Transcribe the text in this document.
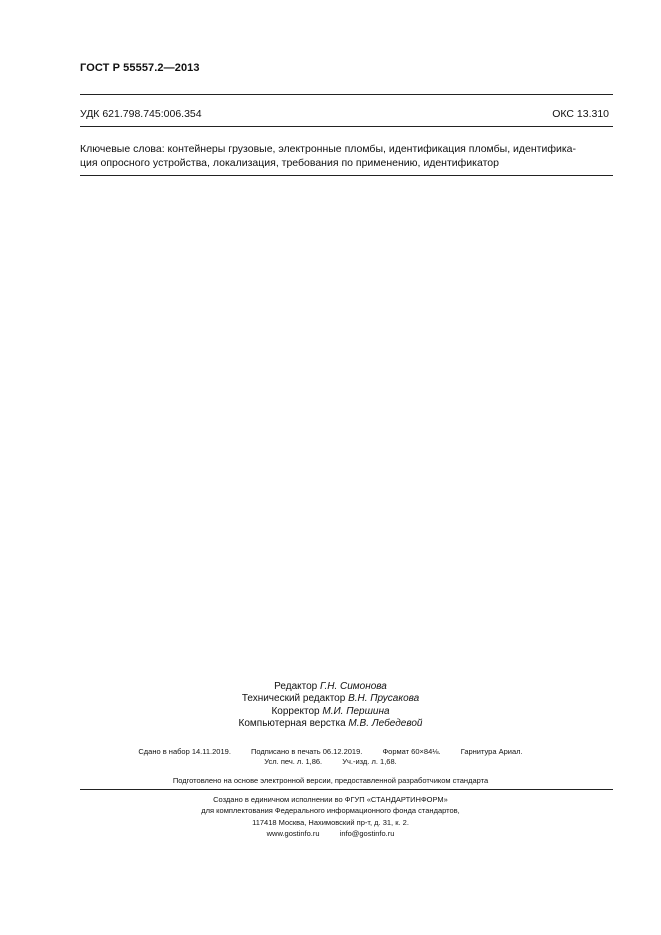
ГОСТ Р 55557.2—2013
УДК 621.798.745:006.354	ОКС 13.310
Ключевые слова: контейнеры грузовые, электронные пломбы, идентификация пломбы, идентифика-
ция опросного устройства, локализация, требования по применению, идентификатор
Редактор Г.Н. Симонова
Технический редактор В.Н. Прусакова
Корректор М.И. Першина
Компьютерная верстка М.В. Лебедевой
Сдано в набор 14.11.2019.	Подписано в печать 06.12.2019.	Формат 60×84⅛.	Гарнитура Ариал.
Усл. печ. л. 1,86.	Уч.-изд. л. 1,68.
Подготовлено на основе электронной версии, предоставленной разработчиком стандарта
Создано в единичном исполнении во ФГУП «СТАНДАРТИНФОРМ»
для комплектования Федерального информационного фонда стандартов,
117418 Москва, Нахимовский пр-т, д. 31, к. 2.
www.gostinfo.ru	info@gostinfo.ru
